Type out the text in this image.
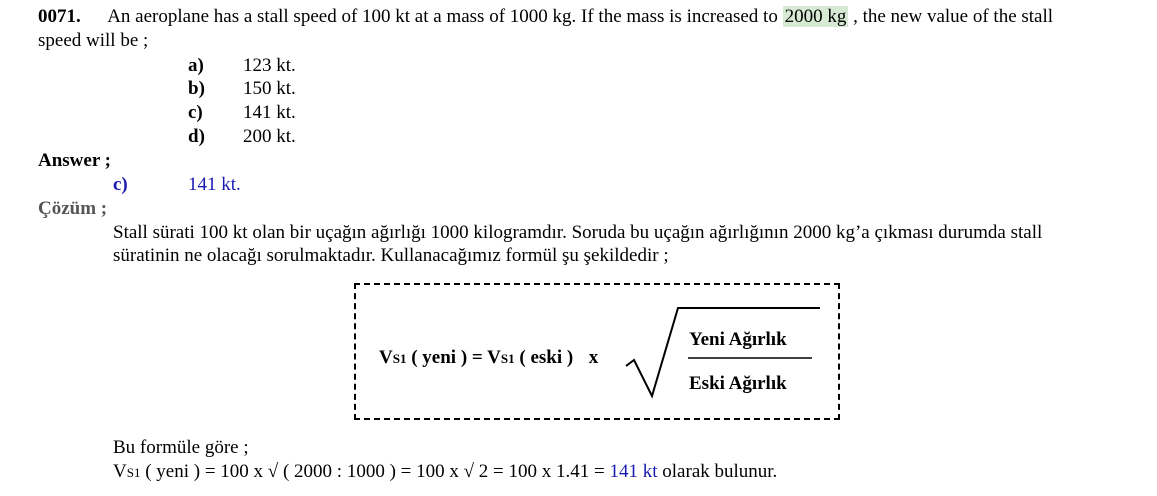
0071. An aeroplane has a stall speed of 100 kt at a mass of 1000 kg. If the mass is increased to 2000 kg , the new value of the stall
speed will be ;
a) 123 kt.
b) 150 kt.
c) 141 kt.
d) 200 kt.
Answer ;
c)	141 kt.
Çözüm ;
Stall sürati 100 kt olan bir uçağın ağırlığı 1000 kilogramdır. Soruda bu uçağın ağırlığının 2000 kg’a çıkması durumda stall
süratinin ne olacağı sorulmaktadır. Kullanacağımız formül şu şekildedir ;
VS1 ( yeni ) = VS1 ( eski ) x
Yeni Ağırlık
Eski Ağırlık
Bu formüle göre ;
VS1 ( yeni ) = 100 x √ ( 2000 : 1000 ) = 100 x √ 2 = 100 x 1.41 = 141 kt olarak bulunur.
